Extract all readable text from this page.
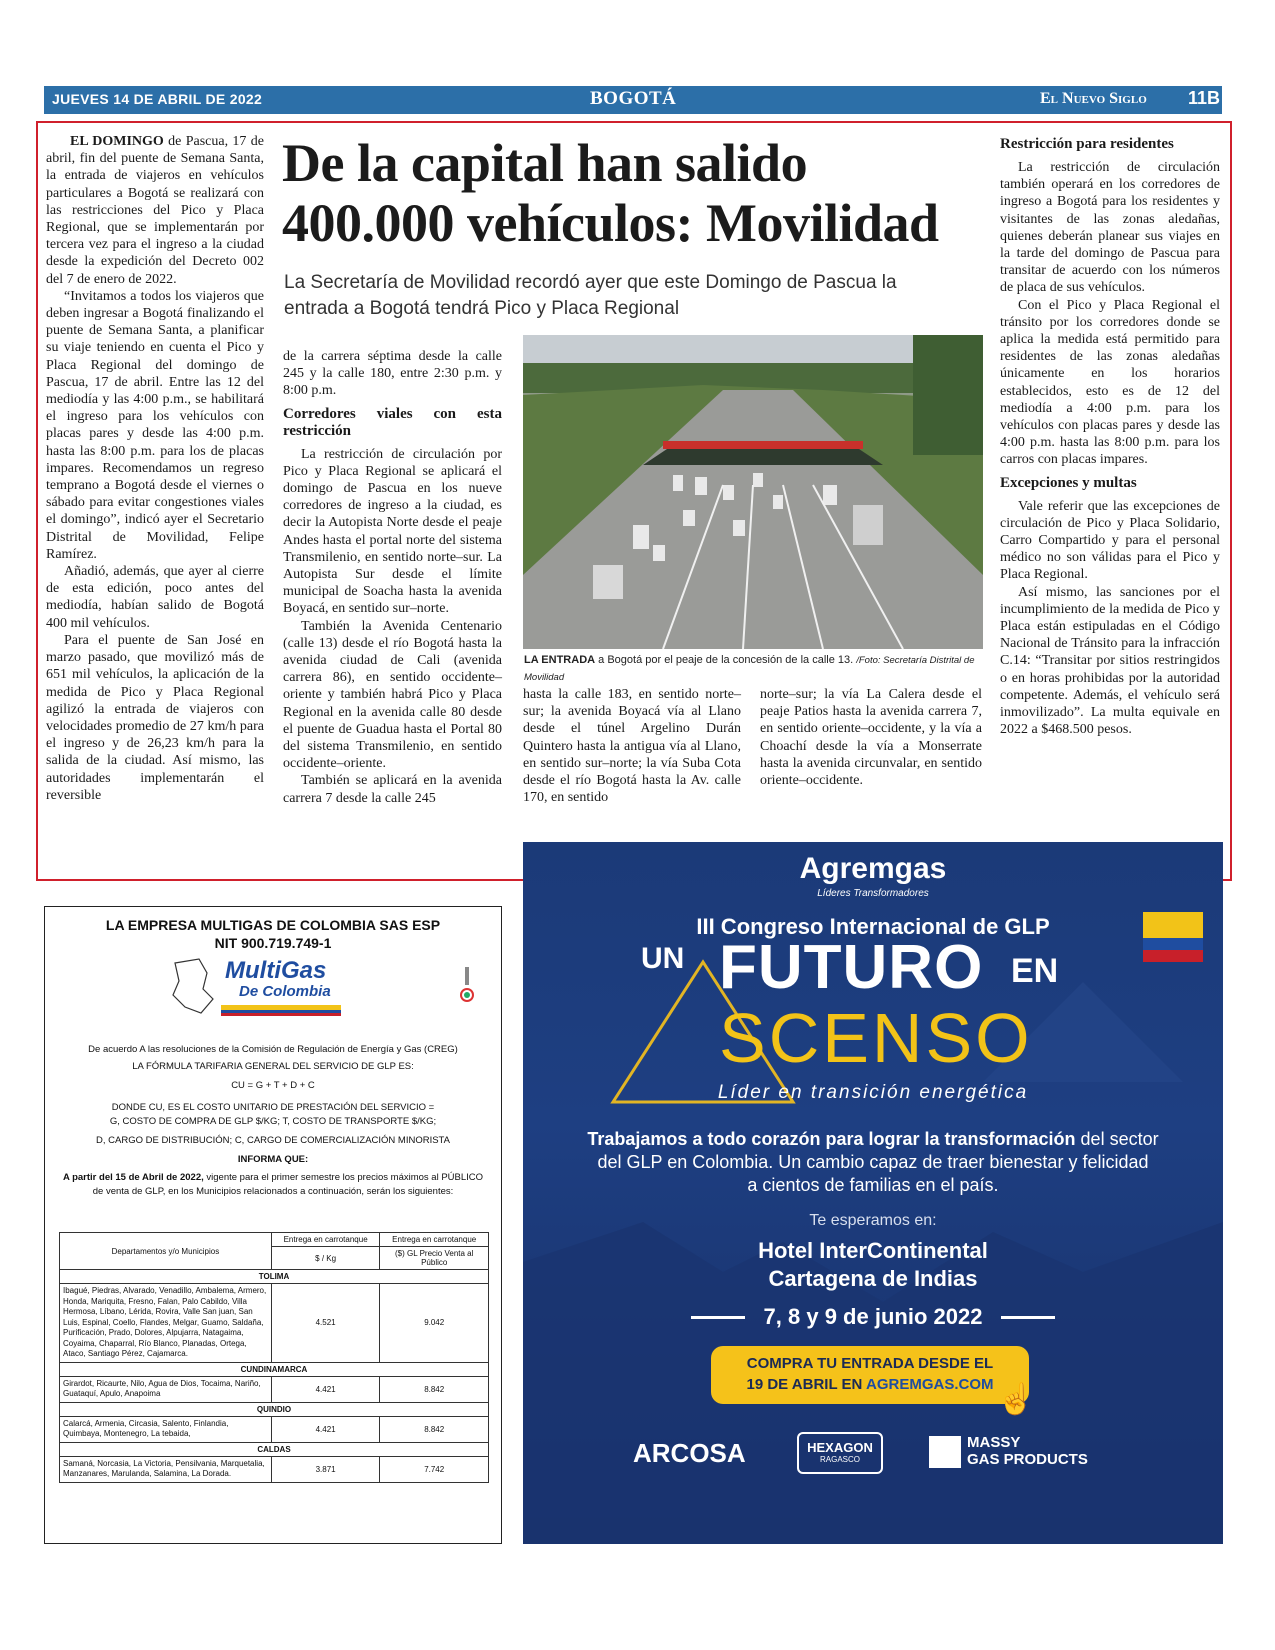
JUEVES 14 DE ABRIL DE 2022	BOGOTÁ	El Nuevo Siglo 11B

EL DOMINGO de Pascua, 17 de abril, fin del puente de Semana Santa, la entrada de viajeros en vehículos particulares a Bogotá se realizará con las restricciones del Pico y Placa Regional, que se implementarán por tercera vez para el ingreso a la ciudad desde la expedición del Decreto 002 del 7 de enero de 2022.

“Invitamos a todos los viajeros que deben ingresar a Bogotá finalizando el puente de Semana Santa, a planificar su viaje teniendo en cuenta el Pico y Placa Regional del domingo de Pascua, 17 de abril. Entre las 12 del mediodía y las 4:00 p.m., se habilitará el ingreso para los vehículos con placas pares y desde las 4:00 p.m. hasta las 8:00 p.m. para los de placas impares. Recomendamos un regreso temprano a Bogotá desde el viernes o sábado para evitar congestiones viales el domingo”, indicó ayer el Secretario Distrital de Movilidad, Felipe Ramírez.

Añadió, además, que ayer al cierre de esta edición, poco antes del mediodía, habían salido de Bogotá 400 mil vehículos.

Para el puente de San José en marzo pasado, que movilizó más de 651 mil vehículos, la aplicación de la medida de Pico y Placa Regional agilizó la entrada de viajeros con velocidades promedio de 27 km/h para el ingreso y de 26,23 km/h para la salida de la ciudad. Así mismo, las autoridades implementarán el reversible

De la capital han salido
400.000 vehículos: Movilidad
La Secretaría de Movilidad recordó ayer que este Domingo de Pascua la entrada a Bogotá tendrá Pico y Placa Regional

de la carrera séptima desde la calle 245 y la calle 180, entre 2:30 p.m. y 8:00 p.m.

Corredores viales con esta restricción

La restricción de circulación por Pico y Placa Regional se aplicará el domingo de Pascua en los nueve corredores de ingreso a la ciudad, es decir la Autopista Norte desde el peaje Andes hasta el portal norte del sistema Transmilenio, en sentido norte–sur. La Autopista Sur desde el límite municipal de Soacha hasta la avenida Boyacá, en sentido sur–norte.

También la Avenida Centenario (calle 13) desde el río Bogotá hasta la avenida ciudad de Cali (avenida carrera 86), en sentido occidente–oriente y también habrá Pico y Placa Regional en la avenida calle 80 desde el puente de Guadua hasta el Portal 80 del sistema Transmilenio, en sentido occidente–oriente.

También se aplicará en la avenida carrera 7 desde la calle 245

LA ENTRADA a Bogotá por el peaje de la concesión de la calle 13. /Foto: Secretaría Distrital de Movilidad

hasta la calle 183, en sentido norte–sur; la avenida Boyacá vía al Llano desde el túnel Argelino Durán Quintero hasta la antigua vía al Llano, en sentido sur–norte; la vía Suba Cota desde el río Bogotá hasta la Av. calle 170, en sentido

norte–sur; la vía La Calera desde el peaje Patios hasta la avenida carrera 7, en sentido oriente–occidente, y la vía a Choachí desde la vía a Monserrate hasta la avenida circunvalar, en sentido oriente–occidente.

Restricción para residentes

La restricción de circulación también operará en los corredores de ingreso a Bogotá para los residentes y visitantes de las zonas aledañas, quienes deberán planear sus viajes en la tarde del domingo de Pascua para transitar de acuerdo con los números de placa de sus vehículos.

Con el Pico y Placa Regional el tránsito por los corredores donde se aplica la medida está permitido para residentes de las zonas aledañas únicamente en los horarios establecidos, esto es de 12 del mediodía a 4:00 p.m. para los vehículos con placas pares y desde las 4:00 p.m. hasta las 8:00 p.m. para los carros con placas impares.

Excepciones y multas

Vale referir que las excepciones de circulación de Pico y Placa Solidario, Carro Compartido y para el personal médico no son válidas para el Pico y Placa Regional.

Así mismo, las sanciones por el incumplimiento de la medida de Pico y Placa están estipuladas en el Código Nacional de Tránsito para la infracción C.14: “Transitar por sitios restringidos o en horas prohibidas por la autoridad competente. Además, el vehículo será inmovilizado”. La multa equivale en 2022 a $468.500 pesos.

LA EMPRESA MULTIGAS DE COLOMBIA SAS ESP
NIT 900.719.749-1
MultiGas
De Colombia
De acuerdo A las resoluciones de la Comisión de Regulación de Energía y Gas (CREG)
LA FÓRMULA TARIFARIA GENERAL DEL SERVICIO DE GLP ES:
CU = G + T + D + C
DONDE CU, ES EL COSTO UNITARIO DE PRESTACIÓN DEL SERVICIO =
G, COSTO DE COMPRA DE GLP $/KG; T, COSTO DE TRANSPORTE $/KG;
D, CARGO DE DISTRIBUCIÓN; C, CARGO DE COMERCIALIZACIÓN MINORISTA
INFORMA QUE:
A partir del 15 de Abril de 2022, vigente para el primer semestre los precios máximos al PÚBLICO
de venta de GLP, en los Municipios relacionados a continuación, serán los siguientes:
Departamentos y/o Municipios	Entrega en carrotanque	Entrega en carrotanque
	$ / Kg	($) GL Precio Venta al Público
TOLIMA		
Ibagué, Piedras, Alvarado, Venadillo, Ambalema, Armero, Honda, Mariquita, Fresno, Falan, Palo Cabildo, Villa Hermosa, Líbano, Lérida, Rovira, Valle San juan, San Luis, Espinal, Coello, Flandes, Melgar, Guamo, Saldaña, Purificación, Prado, Dolores, Alpujarra, Natagaima, Coyaima, Chaparral, Río Blanco, Planadas, Ortega, Ataco, Santiago Pérez, Cajamarca.	4.521	9.042
CUNDINAMARCA		
Girardot, Ricaurte, Nilo, Agua de Dios, Tocaima, Nariño, Guataquí, Apulo, Anapoima	4.421	8.842
QUINDIO		
Calarcá, Armenia, Circasia, Salento, Finlandia, Quimbaya, Montenegro, La tebaida,	4.421	8.842
CALDAS		
Samaná, Norcasia, La Victoria, Pensilvania, Marquetalia, Manzanares, Marulanda, Salamina, La Dorada.	3.871	7.742
Agremgas
Líderes Transformadores
III Congreso Internacional de GLP
UN FUTURO EN
SCENSO
Líder en transición energética
Trabajamos a todo corazón para lograr la transformación del sector
del GLP en Colombia. Un cambio capaz de traer bienestar y felicidad
a cientos de familias en el país.
Te esperamos en:
Hotel InterContinental
Cartagena de Indias
7, 8 y 9 de junio 2022
COMPRA TU ENTRADA DESDE EL
19 DE ABRIL EN AGREMGAS.COM ☝
ARCOSA	HEXAGON
RAGASCO
MASSY
GAS PRODUCTS
